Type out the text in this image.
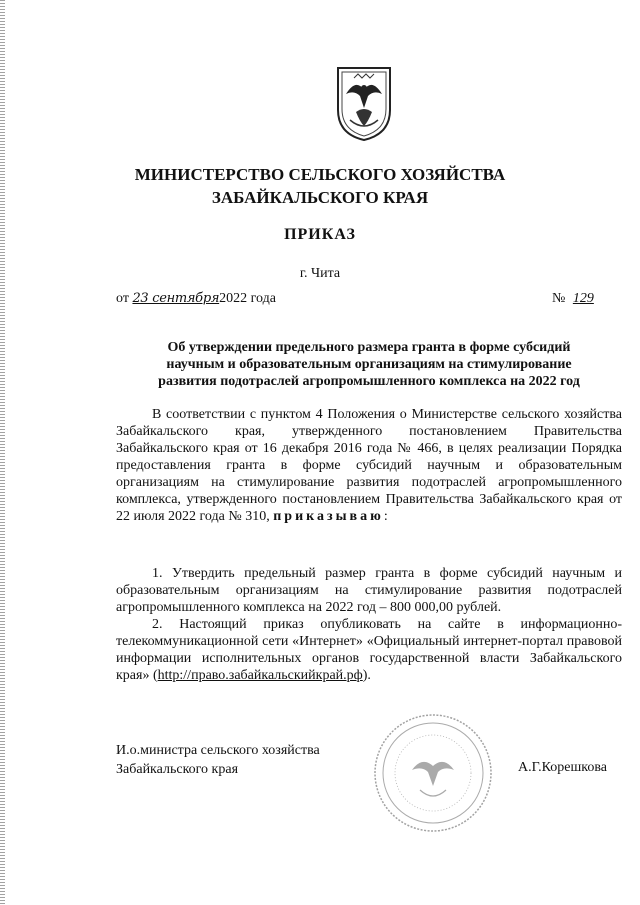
МИНИСТЕРСТВО СЕЛЬСКОГО ХОЗЯЙСТВА
ЗАБАЙКАЛЬСКОГО КРАЯ
ПРИКАЗ
г. Чита
от 23 сентября2022 года	№ 129
Об утверждении предельного размера гранта в форме субсидий
научным и образовательным организациям на стимулирование
развития подотраслей агропромышленного комплекса на 2022 год

В соответствии с пунктом 4 Положения о Министерстве сельского хозяйства Забайкальского края, утвержденного постановлением Правительства Забайкальского края от 16 декабря 2016 года № 466, в целях реализации Порядка предоставления гранта в форме субсидий научным и образовательным организациям на стимулирование развития подотраслей агропромышленного комплекса, утвержденного постановлением Правительства Забайкальского края от 22 июля 2022 года № 310, приказываю:

1. Утвердить предельный размер гранта в форме субсидий научным и образовательным организациям на стимулирование развития подотраслей агропромышленного комплекса на 2022 год – 800 000,00 рублей.

2. Настоящий приказ опубликовать на сайте в информационно-телекоммуникационной сети «Интернет» «Официальный интернет-портал правовой информации исполнительных органов государственной власти Забайкальского края» (http://право.забайкальскийкрай.рф).

И.о.министра сельского хозяйства
Забайкальского края	А.Г.Корешкова
